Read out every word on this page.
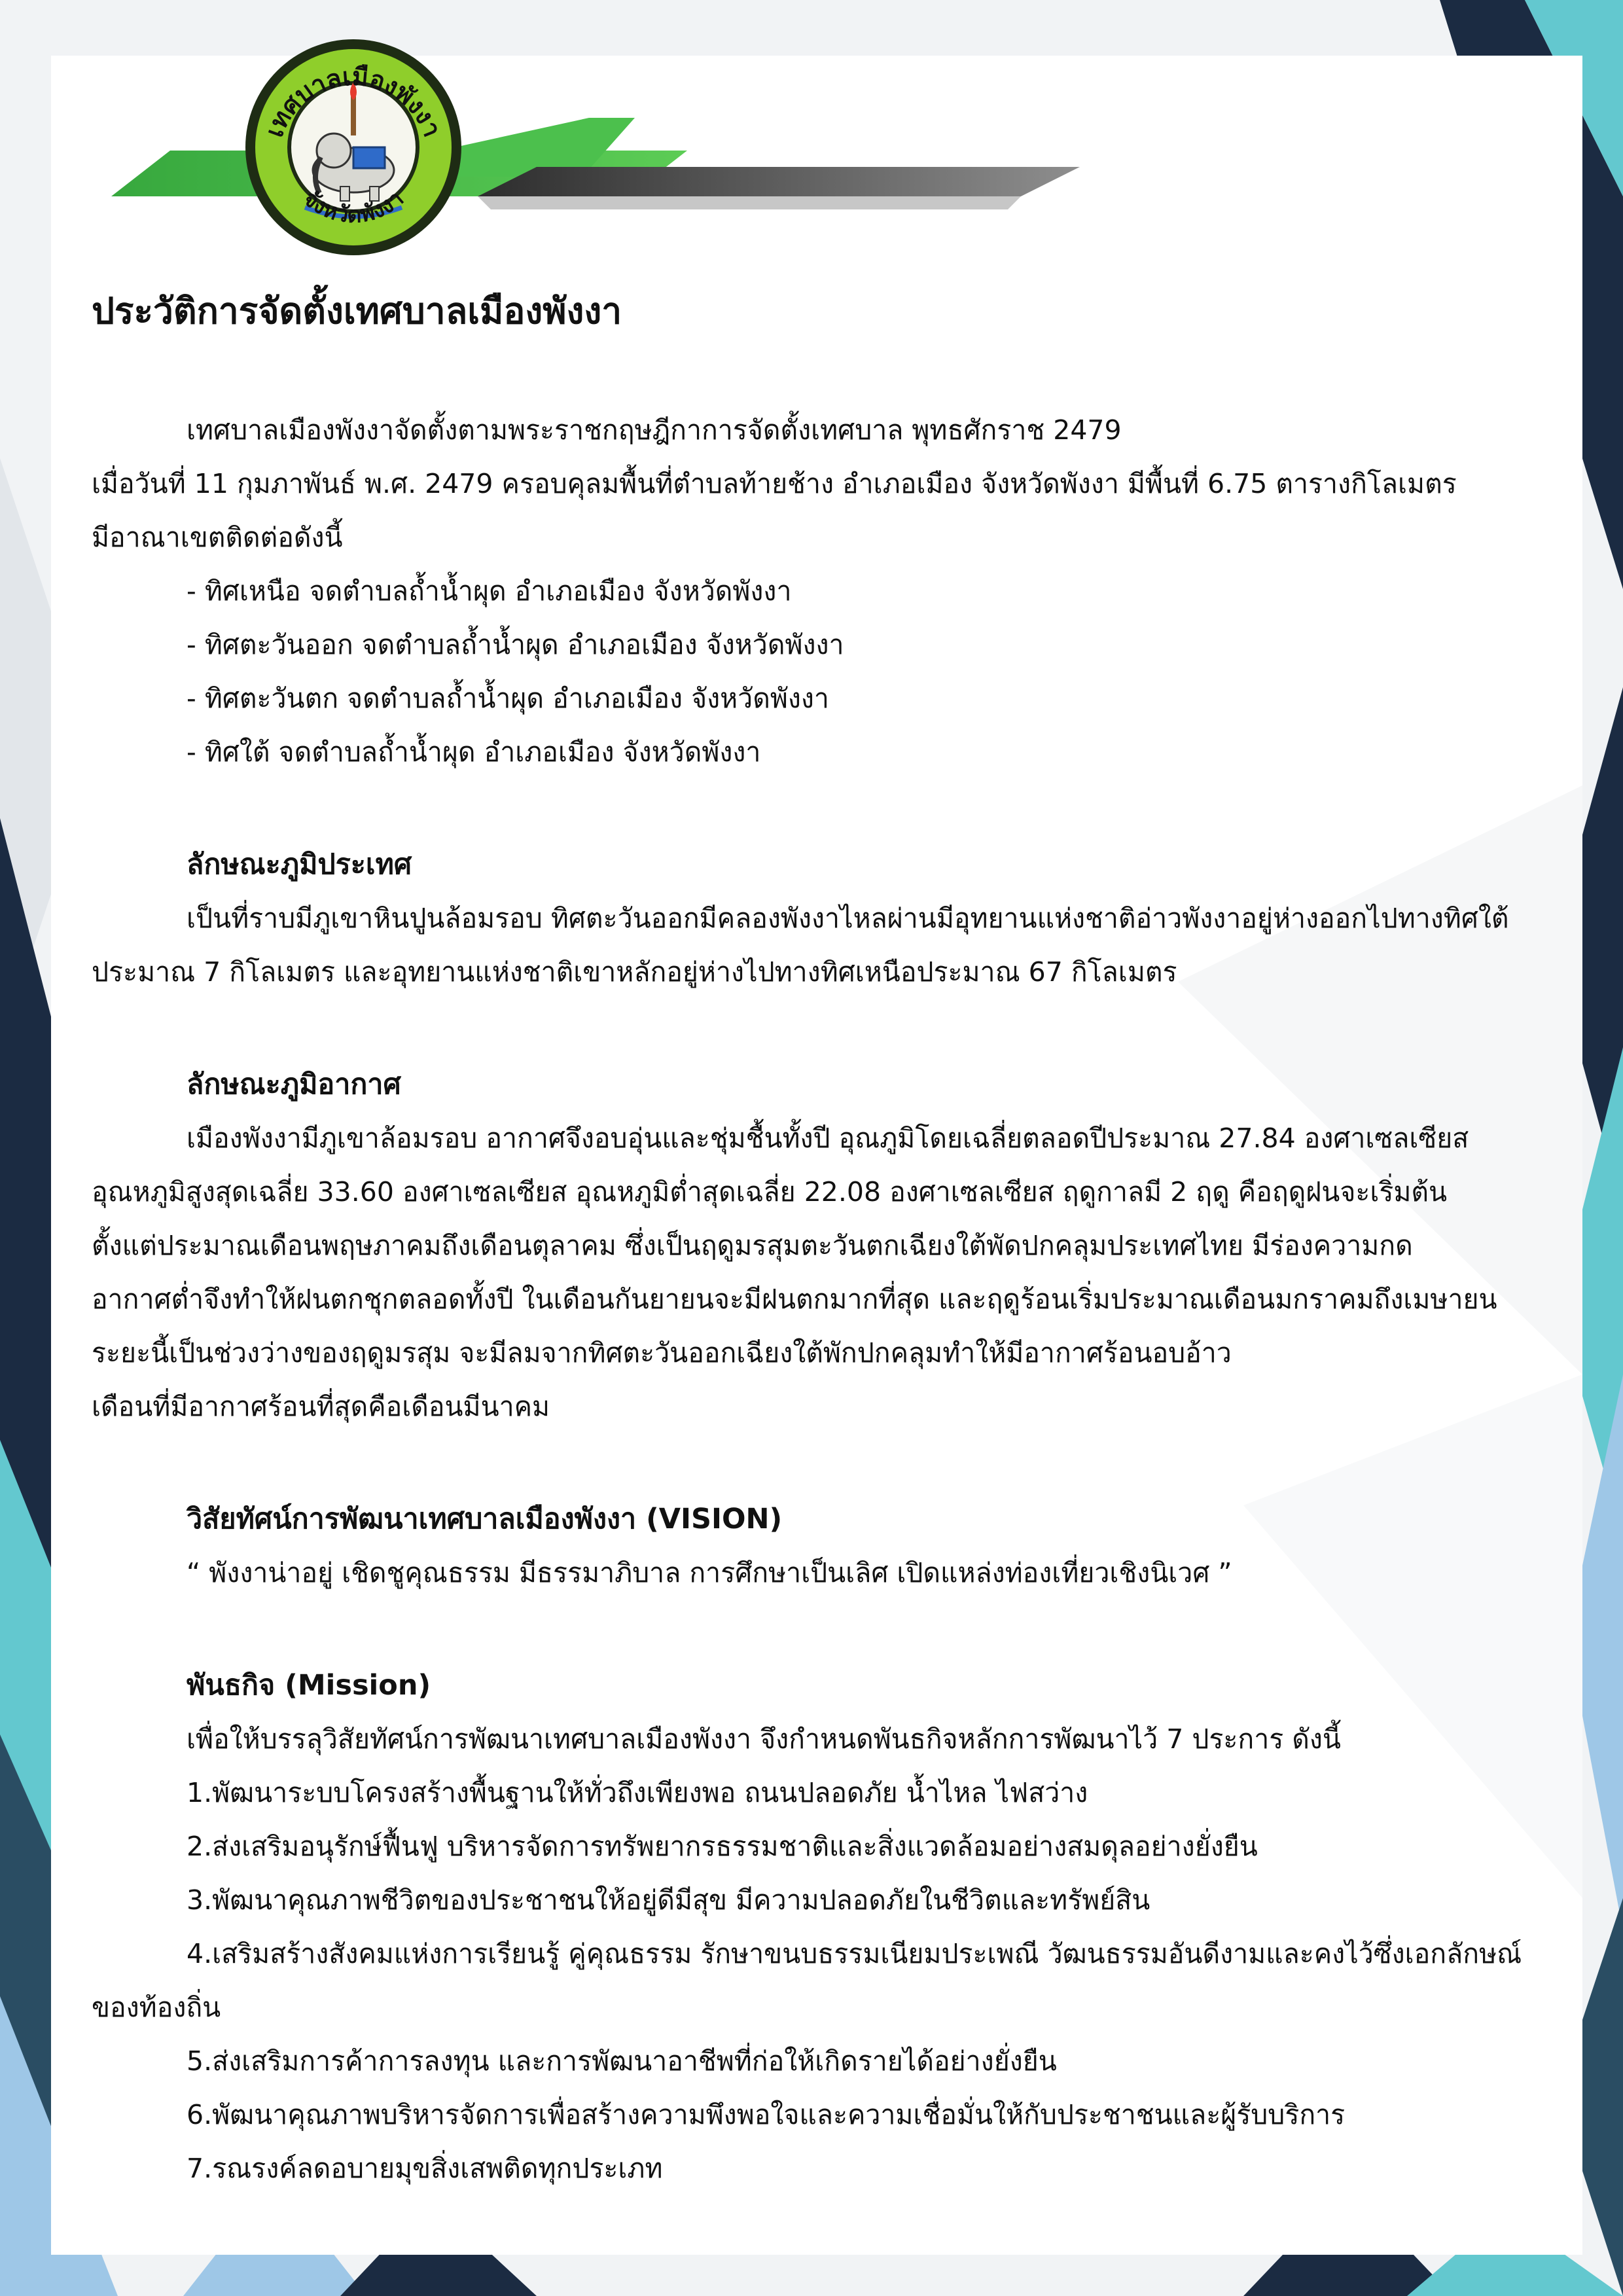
เทศบาลเมืองพังงา
จังหวัดพังงา
ประวัติการจัดตั้งเทศบาลเมืองพังงา

เทศบาลเมืองพังงาจัดตั้งตามพระราชกฤษฎีกาการจัดตั้งเทศบาล พุทธศักราช 2479

เมื่อวันที่ 11 กุมภาพันธ์ พ.ศ. 2479 ครอบคุลมพื้นที่ตำบลท้ายช้าง อำเภอเมือง จังหวัดพังงา มีพื้นที่ 6.75 ตารางกิโลเมตร

มีอาณาเขตติดต่อดังนี้

- ทิศเหนือ จดตำบลถ้ำน้ำผุด อำเภอเมือง จังหวัดพังงา

- ทิศตะวันออก จดตำบลถ้ำน้ำผุด อำเภอเมือง จังหวัดพังงา

- ทิศตะวันตก จดตำบลถ้ำน้ำผุด อำเภอเมือง จังหวัดพังงา

- ทิศใต้ จดตำบลถ้ำน้ำผุด อำเภอเมือง จังหวัดพังงา

ลักษณะภูมิประเทศ

เป็นที่ราบมีภูเขาหินปูนล้อมรอบ ทิศตะวันออกมีคลองพังงาไหลผ่านมีอุทยานแห่งชาติอ่าวพังงาอยู่ห่างออกไปทางทิศใต้

ประมาณ 7 กิโลเมตร และอุทยานแห่งชาติเขาหลักอยู่ห่างไปทางทิศเหนือประมาณ 67 กิโลเมตร

ลักษณะภูมิอากาศ

เมืองพังงามีภูเขาล้อมรอบ อากาศจึงอบอุ่นและชุ่มชื้นทั้งปี อุณภูมิโดยเฉลี่ยตลอดปีประมาณ 27.84 องศาเซลเซียส

อุณหภูมิสูงสุดเฉลี่ย 33.60 องศาเซลเซียส อุณหภูมิต่ำสุดเฉลี่ย 22.08 องศาเซลเซียส ฤดูกาลมี 2 ฤดู คือฤดูฝนจะเริ่มต้น

ตั้งแต่ประมาณเดือนพฤษภาคมถึงเดือนตุลาคม ซึ่งเป็นฤดูมรสุมตะวันตกเฉียงใต้พัดปกคลุมประเทศไทย มีร่องความกด

อากาศต่ำจึงทำให้ฝนตกชุกตลอดทั้งปี ในเดือนกันยายนจะมีฝนตกมากที่สุด และฤดูร้อนเริ่มประมาณเดือนมกราคมถึงเมษายน

ระยะนี้เป็นช่วงว่างของฤดูมรสุม จะมีลมจากทิศตะวันออกเฉียงใต้พักปกคลุมทำให้มีอากาศร้อนอบอ้าว

เดือนที่มีอากาศร้อนที่สุดคือเดือนมีนาคม

วิสัยทัศน์การพัฒนาเทศบาลเมืองพังงา (VISION)

“ พังงาน่าอยู่ เชิดชูคุณธรรม มีธรรมาภิบาล การศึกษาเป็นเลิศ เปิดแหล่งท่องเที่ยวเชิงนิเวศ ”

พันธกิจ (Mission)

เพื่อให้บรรลุวิสัยทัศน์การพัฒนาเทศบาลเมืองพังงา จึงกำหนดพันธกิจหลักการพัฒนาไว้ 7 ประการ ดังนี้

1.พัฒนาระบบโครงสร้างพื้นฐานให้ทั่วถึงเพียงพอ ถนนปลอดภัย น้ำไหล ไฟสว่าง

2.ส่งเสริมอนุรักษ์ฟื้นฟู บริหารจัดการทรัพยากรธรรมชาติและสิ่งแวดล้อมอย่างสมดุลอย่างยั่งยืน

3.พัฒนาคุณภาพชีวิตของประชาชนให้อยู่ดีมีสุข มีความปลอดภัยในชีวิตและทรัพย์สิน

4.เสริมสร้างสังคมแห่งการเรียนรู้ คู่คุณธรรม รักษาขนบธรรมเนียมประเพณี วัฒนธรรมอันดีงามและคงไว้ซึ่งเอกลักษณ์

ของท้องถิ่น

5.ส่งเสริมการค้าการลงทุน และการพัฒนาอาชีพที่ก่อให้เกิดรายได้อย่างยั่งยืน

6.พัฒนาคุณภาพบริหารจัดการเพื่อสร้างความพึงพอใจและความเชื่อมั่นให้กับประชาชนและผู้รับบริการ

7.รณรงค์ลดอบายมุขสิ่งเสพติดทุกประเภท
